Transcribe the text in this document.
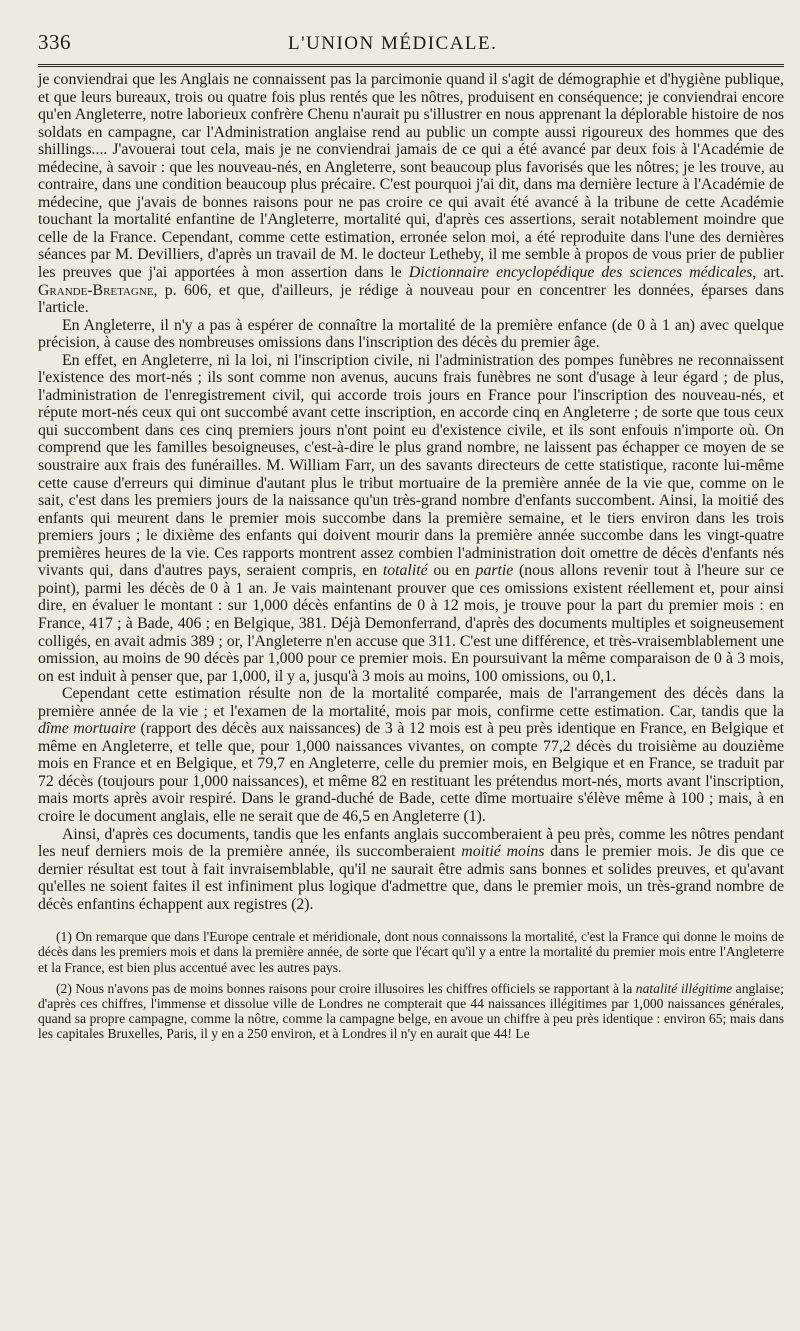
336	L'UNION MÉDICALE.

je conviendrai que les Anglais ne connaissent pas la parcimonie quand il s'agit de démographie et d'hygiène publique, et que leurs bureaux, trois ou quatre fois plus rentés que les nôtres, produisent en conséquence; je conviendrai encore qu'en Angleterre, notre laborieux confrère Chenu n'aurait pu s'illustrer en nous apprenant la déplorable histoire de nos soldats en campagne, car l'Administration anglaise rend au public un compte aussi rigoureux des hommes que des shillings.... J'avouerai tout cela, mais je ne conviendrai jamais de ce qui a été avancé par deux fois à l'Académie de médecine, à savoir : que les nouveau-nés, en Angleterre, sont beaucoup plus favorisés que les nôtres; je les trouve, au contraire, dans une condition beaucoup plus précaire. C'est pourquoi j'ai dit, dans ma dernière lecture à l'Académie de médecine, que j'avais de bonnes raisons pour ne pas croire ce qui avait été avancé à la tribune de cette Académie touchant la mortalité enfantine de l'Angleterre, mortalité qui, d'après ces assertions, serait notablement moindre que celle de la France. Cependant, comme cette estimation, erronée selon moi, a été reproduite dans l'une des dernières séances par M. Devilliers, d'après un travail de M. le docteur Letheby, il me semble à propos de vous prier de publier les preuves que j'ai apportées à mon assertion dans le Dictionnaire encyclopédique des sciences médicales, art. Grande-Bretagne, p. 606, et que, d'ailleurs, je rédige à nouveau pour en concentrer les données, éparses dans l'article.

En Angleterre, il n'y a pas à espérer de connaître la mortalité de la première enfance (de 0 à 1 an) avec quelque précision, à cause des nombreuses omissions dans l'inscription des décès du premier âge.

En effet, en Angleterre, ni la loi, ni l'inscription civile, ni l'administration des pompes funèbres ne reconnaissent l'existence des mort-nés ; ils sont comme non avenus, aucuns frais funèbres ne sont d'usage à leur égard ; de plus, l'administration de l'enregistrement civil, qui accorde trois jours en France pour l'inscription des nouveau-nés, et répute mort-nés ceux qui ont succombé avant cette inscription, en accorde cinq en Angleterre ; de sorte que tous ceux qui succombent dans ces cinq premiers jours n'ont point eu d'existence civile, et ils sont enfouis n'importe où. On comprend que les familles besoigneuses, c'est-à-dire le plus grand nombre, ne laissent pas échapper ce moyen de se soustraire aux frais des funérailles. M. William Farr, un des savants directeurs de cette statistique, raconte lui-même cette cause d'erreurs qui diminue d'autant plus le tribut mortuaire de la première année de la vie que, comme on le sait, c'est dans les premiers jours de la naissance qu'un très-grand nombre d'enfants succombent. Ainsi, la moitié des enfants qui meurent dans le premier mois succombe dans la première semaine, et le tiers environ dans les trois premiers jours ; le dixième des enfants qui doivent mourir dans la première année succombe dans les vingt-quatre premières heures de la vie. Ces rapports montrent assez combien l'administration doit omettre de décès d'enfants nés vivants qui, dans d'autres pays, seraient compris, en totalité ou en partie (nous allons revenir tout à l'heure sur ce point), parmi les décès de 0 à 1 an. Je vais maintenant prouver que ces omissions existent réellement et, pour ainsi dire, en évaluer le montant : sur 1,000 décès enfantins de 0 à 12 mois, je trouve pour la part du premier mois : en France, 417 ; à Bade, 406 ; en Belgique, 381. Déjà Demonferrand, d'après des documents multiples et soigneusement colligés, en avait admis 389 ; or, l'Angleterre n'en accuse que 311. C'est une différence, et très-vraisemblablement une omission, au moins de 90 décès par 1,000 pour ce premier mois. En poursuivant la même comparaison de 0 à 3 mois, on est induit à penser que, par 1,000, il y a, jusqu'à 3 mois au moins, 100 omissions, ou 0,1.

Cependant cette estimation résulte non de la mortalité comparée, mais de l'arrangement des décès dans la première année de la vie ; et l'examen de la mortalité, mois par mois, confirme cette estimation. Car, tandis que la dîme mortuaire (rapport des décès aux naissances) de 3 à 12 mois est à peu près identique en France, en Belgique et même en Angleterre, et telle que, pour 1,000 naissances vivantes, on compte 77,2 décès du troisième au douzième mois en France et en Belgique, et 79,7 en Angleterre, celle du premier mois, en Belgique et en France, se traduit par 72 décès (toujours pour 1,000 naissances), et même 82 en restituant les prétendus mort-nés, morts avant l'inscription, mais morts après avoir respiré. Dans le grand-duché de Bade, cette dîme mortuaire s'élève même à 100 ; mais, à en croire le document anglais, elle ne serait que de 46,5 en Angleterre (1).

Ainsi, d'après ces documents, tandis que les enfants anglais succomberaient à peu près, comme les nôtres pendant les neuf derniers mois de la première année, ils succomberaient moitié moins dans le premier mois. Je dis que ce dernier résultat est tout à fait invraisemblable, qu'il ne saurait être admis sans bonnes et solides preuves, et qu'avant qu'elles ne soient faites il est infiniment plus logique d'admettre que, dans le premier mois, un très-grand nombre de décès enfantins échappent aux registres (2).

(1) On remarque que dans l'Europe centrale et méridionale, dont nous connaissons la mortalité, c'est la France qui donne le moins de décès dans les premiers mois et dans la première année, de sorte que l'écart qu'il y a entre la mortalité du premier mois entre l'Angleterre et la France, est bien plus accentué avec les autres pays.

(2) Nous n'avons pas de moins bonnes raisons pour croire illusoires les chiffres officiels se rapportant à la natalité illégitime anglaise; d'après ces chiffres, l'immense et dissolue ville de Londres ne compterait que 44 naissances illégitimes par 1,000 naissances générales, quand sa propre campagne, comme la nôtre, comme la campagne belge, en avoue un chiffre à peu près identique : environ 65; mais dans les capitales Bruxelles, Paris, il y en a 250 environ, et à Londres il n'y en aurait que 44! Le
